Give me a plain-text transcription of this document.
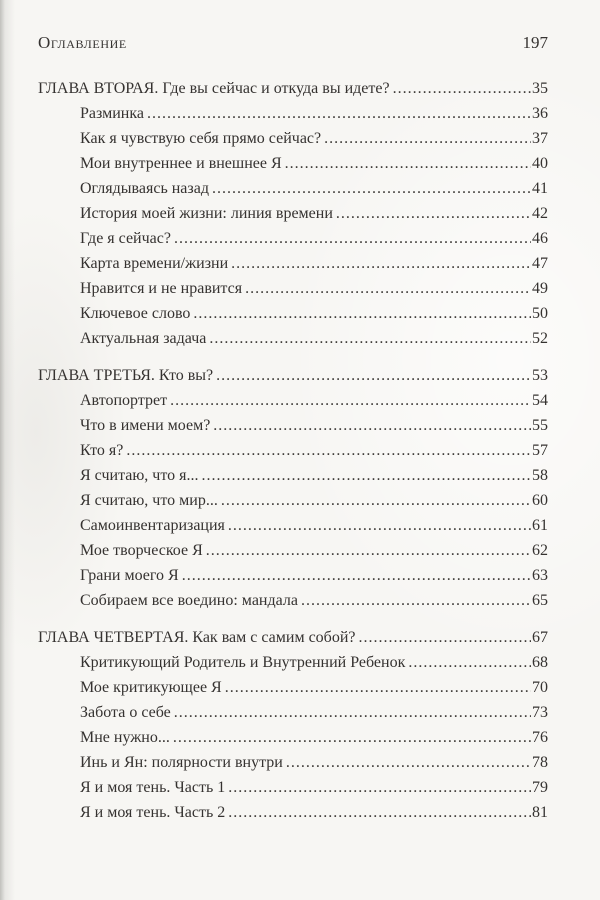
Оглавление	197
ГЛАВА ВТОРАЯ. Где вы сейчас и откуда вы идете? .....	35
Разминка .....	36
Как я чувствую себя прямо сейчас? .....	37
Мои внутреннее и внешнее Я .....	40
Оглядываясь назад .....	41
История моей жизни: линия времени .....	42
Где я сейчас? .....	46
Карта времени/жизни .....	47
Нравится и не нравится .....	49
Ключевое слово .....	50
Актуальная задача .....	52
ГЛАВА ТРЕТЬЯ. Кто вы? .....	53
Автопортрет .....	54
Что в имени моем? .....	55
Кто я? .....	57
Я считаю, что я... .....	58
Я считаю, что мир... .....	60
Самоинвентаризация .....	61
Мое творческое Я .....	62
Грани моего Я .....	63
Собираем все воедино: мандала .....	65
ГЛАВА ЧЕТВЕРТАЯ. Как вам с самим собой? .....	67
Критикующий Родитель и Внутренний Ребенок .....	68
Мое критикующее Я .....	70
Забота о себе .....	73
Мне нужно... .....	76
Инь и Ян: полярности внутри .....	78
Я и моя тень. Часть 1 .....	79
Я и моя тень. Часть 2 .....	81
